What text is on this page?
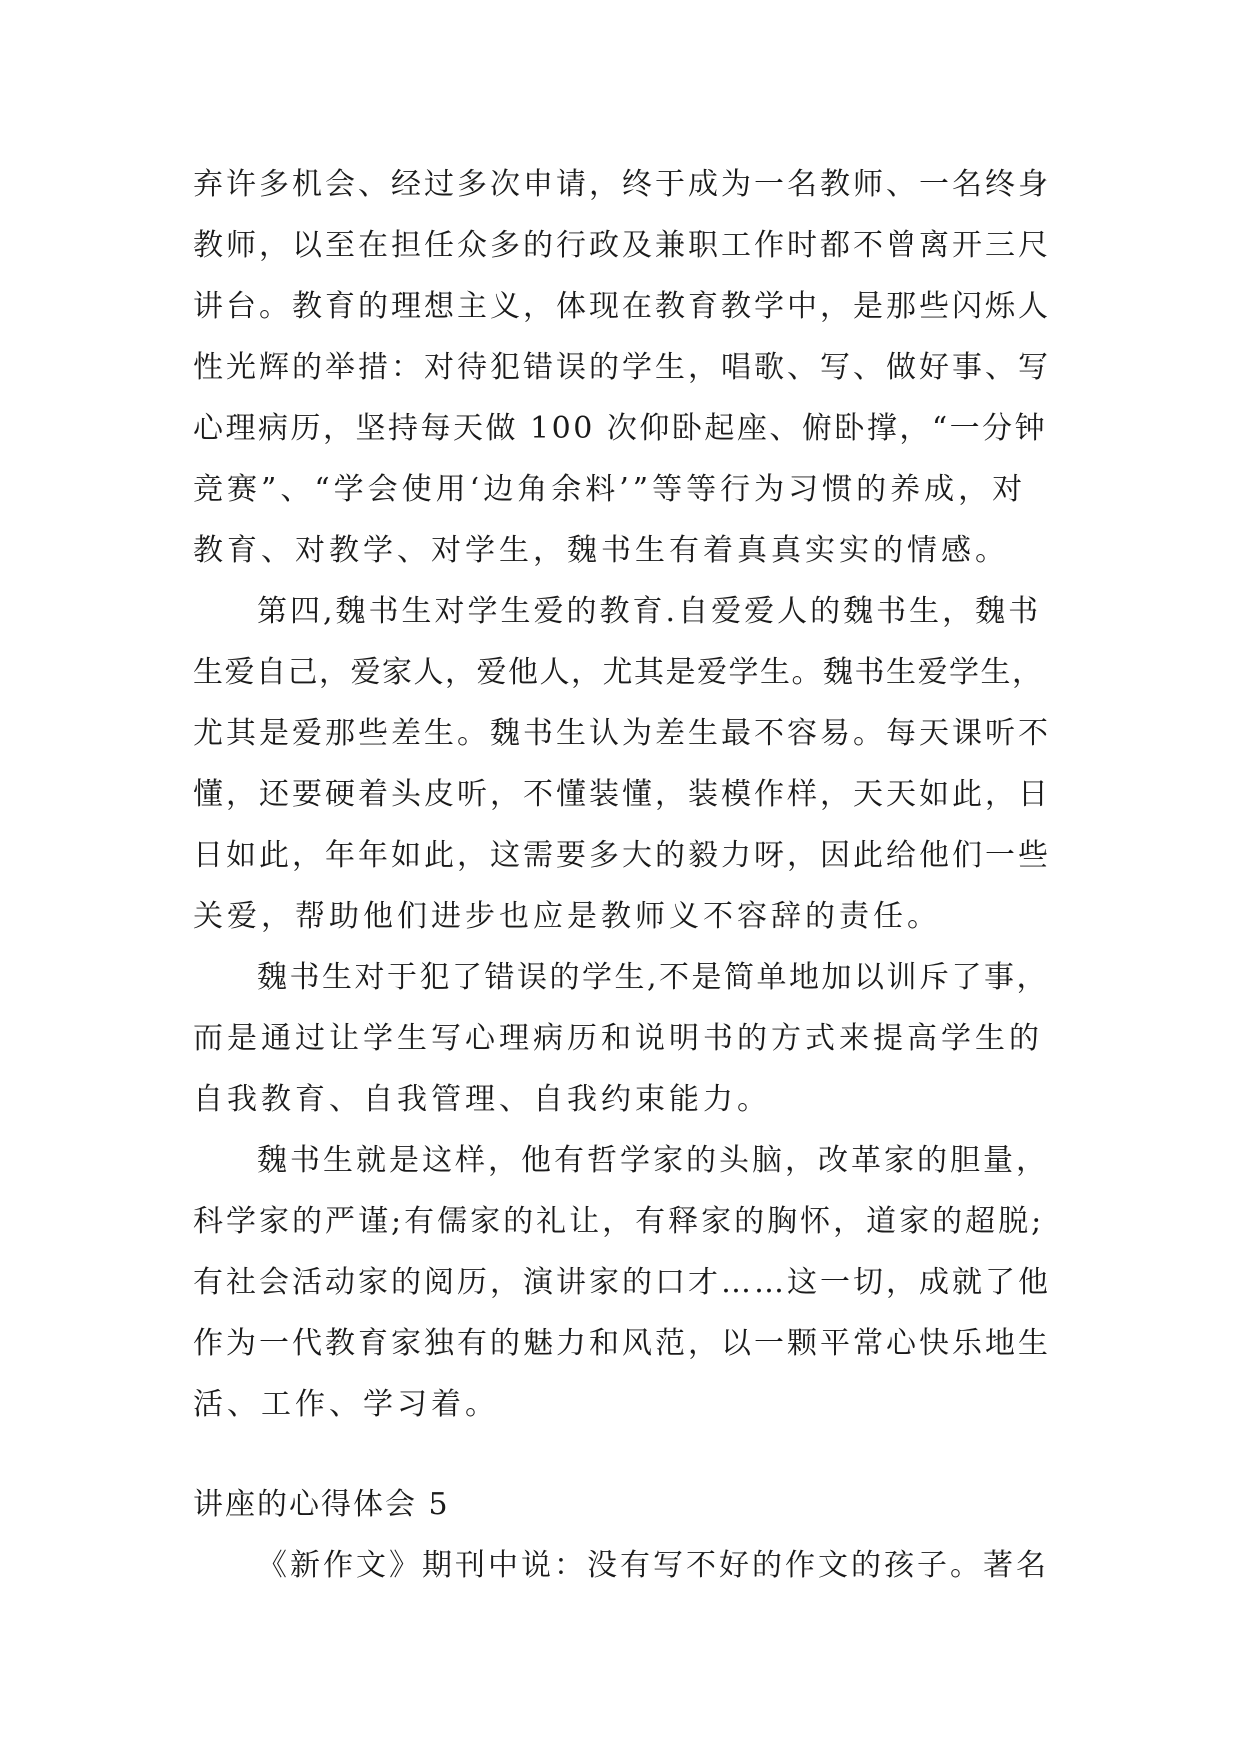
弃许多机会、经过多次申请，终于成为一名教师、一名终身
教师，以至在担任众多的行政及兼职工作时都不曾离开三尺
讲台。教育的理想主义，体现在教育教学中，是那些闪烁人
性光辉的举措：对待犯错误的学生，唱歌、写、做好事、写
心理病历，坚持每天做 100 次仰卧起座、俯卧撑，“一分钟
竞赛”、“学会使用‘边角余料’”等等行为习惯的养成，对
教育、对教学、对学生，魏书生有着真真实实的情感。
第四,魏书生对学生爱的教育.自爱爱人的魏书生，魏书
生爱自己，爱家人，爱他人，尤其是爱学生。魏书生爱学生，
尤其是爱那些差生。魏书生认为差生最不容易。每天课听不
懂，还要硬着头皮听，不懂装懂，装模作样，天天如此，日
日如此，年年如此，这需要多大的毅力呀，因此给他们一些
关爱，帮助他们进步也应是教师义不容辞的责任。
魏书生对于犯了错误的学生,不是简单地加以训斥了事，
而是通过让学生写心理病历和说明书的方式来提高学生的
自我教育、自我管理、自我约束能力。
魏书生就是这样，他有哲学家的头脑，改革家的胆量，
科学家的严谨;有儒家的礼让，有释家的胸怀，道家的超脱;
有社会活动家的阅历，演讲家的口才……这一切，成就了他
作为一代教育家独有的魅力和风范，以一颗平常心快乐地生
活、工作、学习着。
讲座的心得体会 5
《新作文》期刊中说：没有写不好的作文的孩子。著名
